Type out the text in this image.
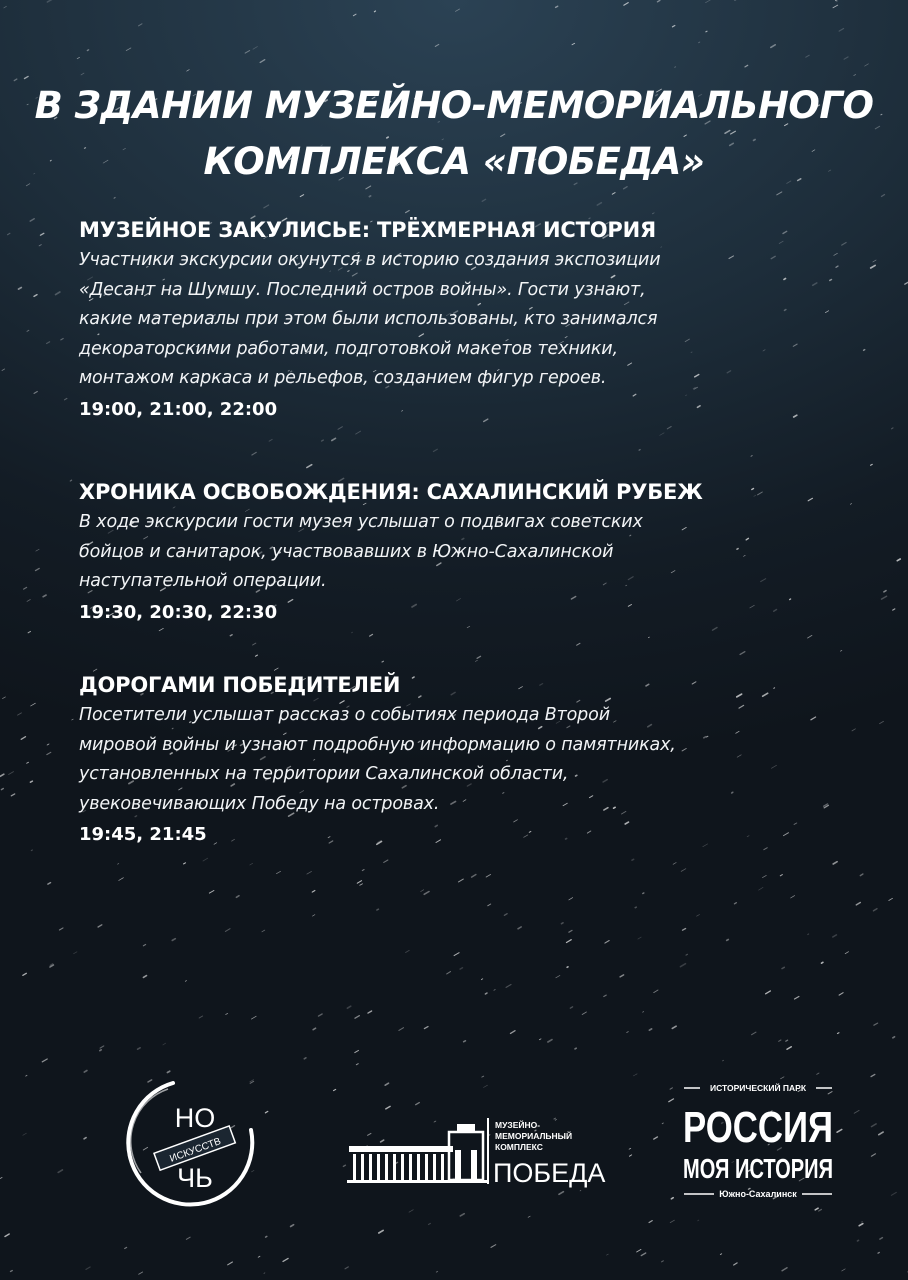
В ЗДАНИИ МУЗЕЙНО-МЕМОРИАЛЬНОГО
КОМПЛЕКСА «ПОБЕДА»

МУЗЕЙНОЕ ЗАКУЛИСЬЕ: ТРЁХМЕРНАЯ ИСТОРИЯ

Участники экскурсии окунутся в историю создания экспозиции
«Десант на Шумшу. Последний остров войны». Гости узнают,
какие материалы при этом были использованы, кто занимался
декораторскими работами, подготовкой макетов техники,
монтажом каркаса и рельефов, созданием фигур героев.

19:00, 21:00, 22:00

ХРОНИКА ОСВОБОЖДЕНИЯ: САХАЛИНСКИЙ РУБЕЖ

В ходе экскурсии гости музея услышат о подвигах советских
бойцов и санитарок, участвовавших в Южно-Сахалинской
наступательной операции.

19:30, 20:30, 22:30

ДОРОГАМИ ПОБЕДИТЕЛЕЙ

Посетители услышат рассказ о событиях периода Второй
мировой войны и узнают подробную информацию о памятниках,
установленных на территории Сахалинской области,
увековечивающих Победу на островах.

19:45, 21:45

НО
ИСКУССТВ
ЧЬ
МУЗЕЙНО-
МЕМОРИАЛЬНЫЙ
КОМПЛЕКС
ПОБЕДА
ИСТОРИЧЕСКИЙ ПАРК
РОССИЯ
МОЯ ИСТОРИЯ
Южно-Сахалинск
